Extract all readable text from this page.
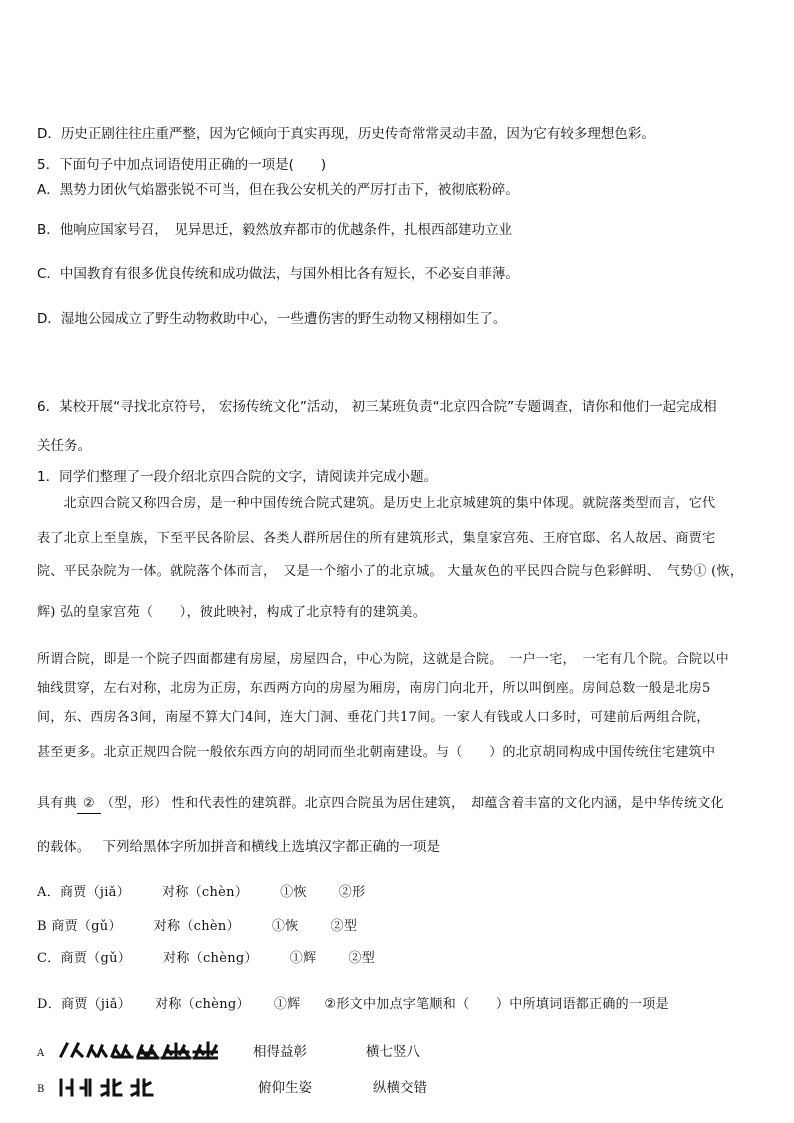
D．历史正剧往往庄重严整，因为它倾向于真实再现，历史传奇常常灵动丰盈，因为它有较多理想色彩。
5．下面句子中加点词语使用正确的一项是(　　)
A．黑势力团伙气焰嚣张锐不可当，但在我公安机关的严厉打击下，被彻底粉碎。
B．他响应国家号召，　见异思迁，毅然放弃都市的优越条件，扎根西部建功立业
C．中国教育有很多优良传统和成功做法，与国外相比各有短长，不必妄自菲薄。
D．湿地公园成立了野生动物救助中心，一些遭伤害的野生动物又栩栩如生了。
6．某校开展“寻找北京符号， 宏扬传统文化”活动， 初三某班负责“北京四合院”专题调查，请你和他们一起完成相
关任务。
1．同学们整理了一段介绍北京四合院的文字，请阅读并完成小题。
　　北京四合院又称四合房，是一种中国传统合院式建筑。是历史上北京城建筑的集中体现。就院落类型而言，它代
表了北京上至皇族，下至平民各阶层、各类人群所居住的所有建筑形式，集皇家宫苑、王府官邸、名人故居、商贾宅
院、平民杂院为一体。就院落个体而言，　又是一个缩小了的北京城。 大量灰色的平民四合院与色彩鲜明、　气势① (恢，
辉) 弘的皇家宫苑（　　），彼此映衬，构成了北京特有的建筑美。
所谓合院，即是一个院子四面都建有房屋，房屋四合，中心为院，这就是合院。　一户一宅，　一宅有几个院。合院以中
轴线贯穿，左右对称，北房为正房，东西两方向的房屋为厢房，南房门向北开，所以叫倒座。房间总数一般是北房5
间，东、西房各3间，南屋不算大门4间，连大门洞、垂花门共17间。一家人有钱或人口多时，可建前后两组合院，
甚至更多。北京正规四合院一般依东西方向的胡同而坐北朝南建设。与（　　）的北京胡同构成中国传统住宅建筑中
具有典 ② （型，形） 性和代表性的建筑群。北京四合院虽为居住建筑，　却蕴含着丰富的文化内涵，是中华传统文化
的载体。 下列给黑体字所加拼音和横线上选填汉字都正确的一项是
A．商贾（jiǎ） 对称（chèn） ①恢 ②形
B 商贾（gǔ） 对称（chèn） ①恢 ②型
C．商贾（gǔ） 对称（chèng） ①辉 ②型
D．商贾（jiǎ） 对称（chèng） ①辉 ②形文中加点字笔顺和（　　）中所填词语都正确的一项是
A	相得益彰	横七竖八
B	俯仰生姿	纵横交错
